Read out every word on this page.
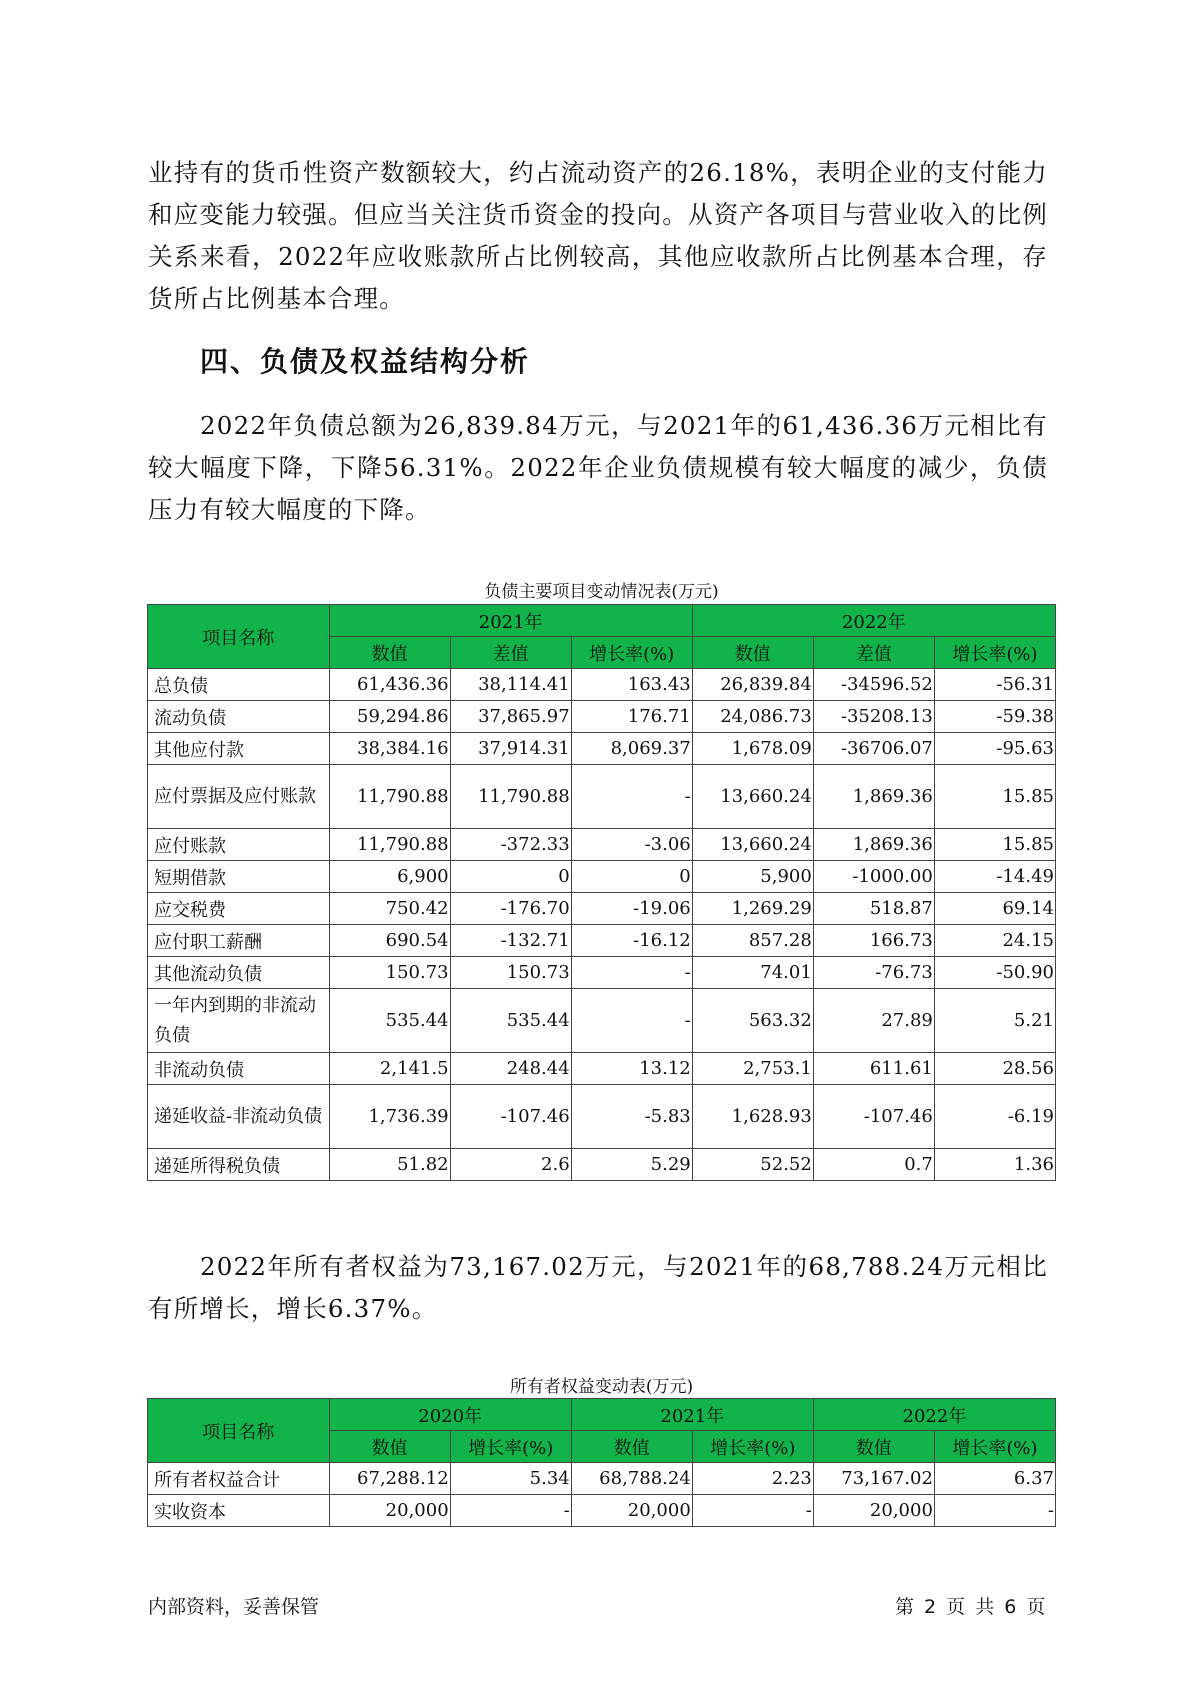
业持有的货币性资产数额较大，约占流动资产的26.18%，表明企业的支付能力和应变能力较强。但应当关注货币资金的投向。从资产各项目与营业收入的比例关系来看，2022年应收账款所占比例较高，其他应收款所占比例基本合理，存货所占比例基本合理。

四、负债及权益结构分析

2022年负债总额为26,839.84万元，与2021年的61,436.36万元相比有较大幅度下降，下降56.31%。2022年企业负债规模有较大幅度的减少，负债压力有较大幅度的下降。

负债主要项目变动情况表(万元)
项目名称	2021年			2022年		
	数值	差值	增长率(%)	数值	差值	增长率(%)
总负债	61,436.36	38,114.41	163.43	26,839.84	-34596.52	-56.31
流动负债	59,294.86	37,865.97	176.71	24,086.73	-35208.13	-59.38
其他应付款	38,384.16	37,914.31	8,069.37	1,678.09	-36706.07	-95.63
应付票据及应付账款	11,790.88	11,790.88	-	13,660.24	1,869.36	15.85
应付账款	11,790.88	-372.33	-3.06	13,660.24	1,869.36	15.85
短期借款	6,900	0	0	5,900	-1000.00	-14.49
应交税费	750.42	-176.70	-19.06	1,269.29	518.87	69.14
应付职工薪酬	690.54	-132.71	-16.12	857.28	166.73	24.15
其他流动负债	150.73	150.73	-	74.01	-76.73	-50.90
一年内到期的非流动负债	535.44	535.44	-	563.32	27.89	5.21
非流动负债	2,141.5	248.44	13.12	2,753.1	611.61	28.56
递延收益-非流动负债	1,736.39	-107.46	-5.83	1,628.93	-107.46	-6.19
递延所得税负债	51.82	2.6	5.29	52.52	0.7	1.36

2022年所有者权益为73,167.02万元，与2021年的68,788.24万元相比有所增长，增长6.37%。

所有者权益变动表(万元)
项目名称	2020年		2021年		2022年	
	数值	增长率(%)	数值	增长率(%)	数值	增长率(%)
所有者权益合计	67,288.12	5.34	68,788.24	2.23	73,167.02	6.37
实收资本	20,000	-	20,000	-	20,000	-
内部资料，妥善保管	第 2 页 共 6 页
